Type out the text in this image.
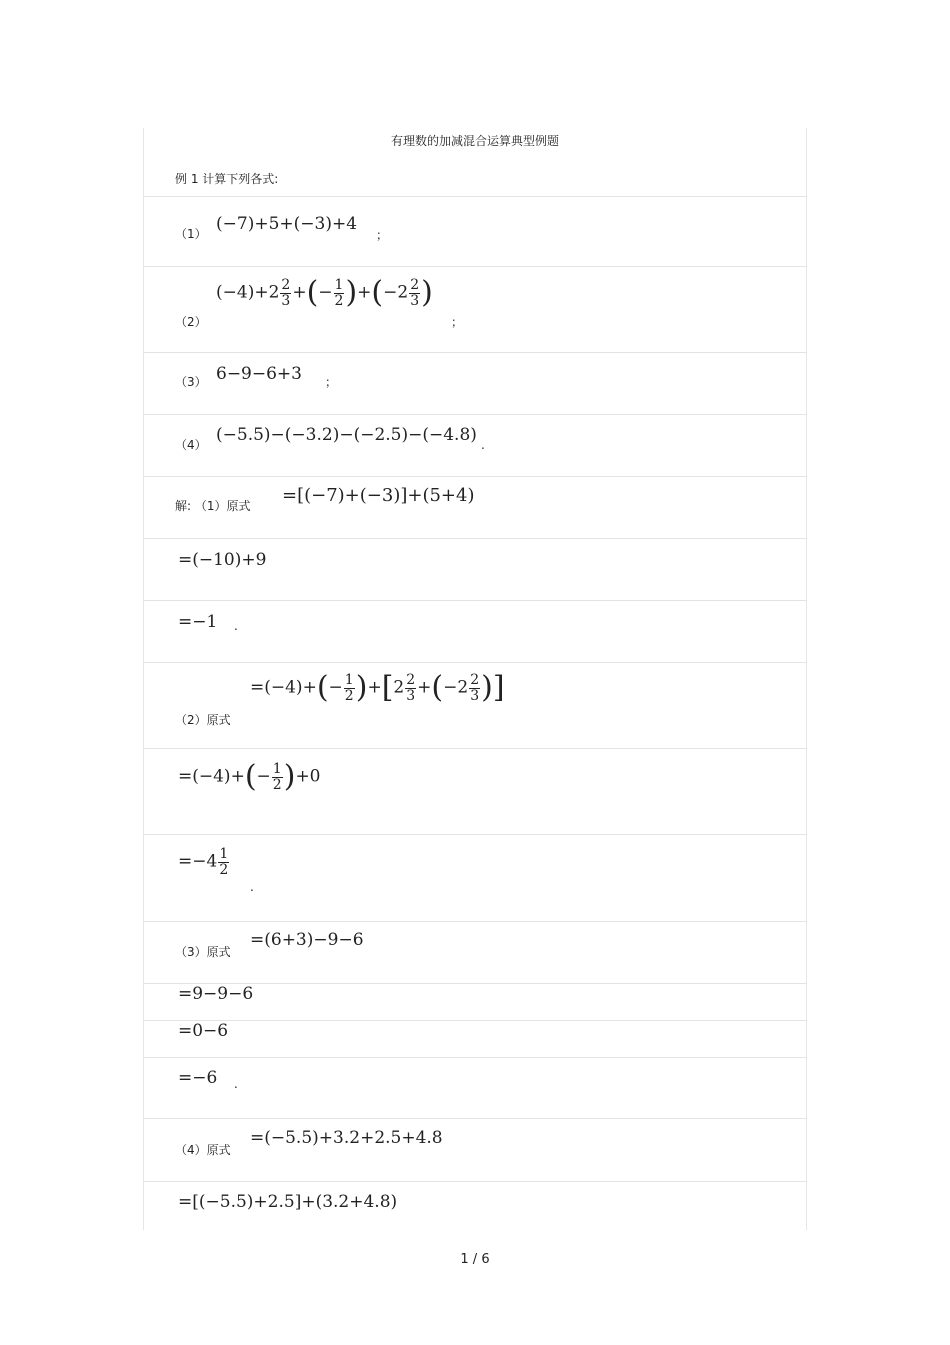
有理数的加减混合运算典型例题
例 1 计算下列各式:
（1） (−7)+5+(−3)+4
；
（2）
$(-4)+2 \frac{2}{3}$ +(− $\frac{1}{2} )+(-2 \frac{2}{3}$ )
；
（3） 6−9−6+3 ；
（4） (−5.5)−(−3.2)−(−2.5)−(−4.8) .
解: （1）原式 =[(−7)+(−3)]+(5+4)
=(−10)+9
=−1 .
（2）原式
$=(-4)+(- \frac{1}{2} )+[2 \frac{2}{3} +(-2 \frac{2}{3}$ )]
$=(-4)+(- \frac{1}{2} )+0$
$=-4 \frac{1}{2}$
.
（3）原式
=(6+3)−9−6
=9−9−6
=0−6
=−6 .
（4）原式
=(−5.5)+3.2+2.5+4.8
=[(−5.5)+2.5]+(3.2+4.8)
1 / 6
